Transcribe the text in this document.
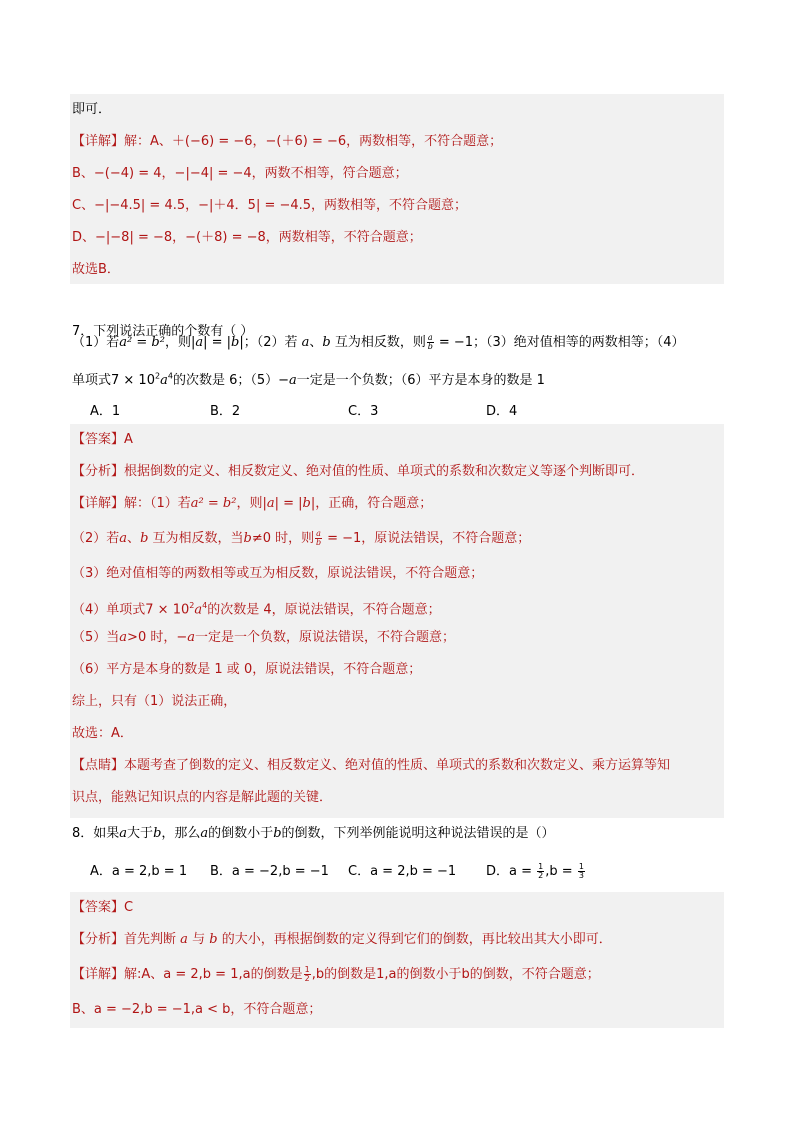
即可．
【详解】解：A、＋(−6) = −6，−(＋6) = −6，两数相等，不符合题意；
B、−(−4) = 4，−|−4| = −4，两数不相等，符合题意；
C、−|−4.5| = 4.5，−|＋4．5| = −4.5，两数相等，不符合题意；
D、−|−8| = −8，−(＋8) = −8，两数相等，不符合题意；
故选B．
7．下列说法正确的个数有（ ）
（1）若a² = b²，则|a| = |b|；（2）若 a、b 互为相反数，则 $\frac{a}{b} = -1$；（3）绝对值相等的两数相等；（4）
单项式$7 \times 10^2a^4$的次数是 6；（5）−a一定是一个负数；（6）平方是本身的数是 1
A．1	B．2	C．3	D．4
【答案】A
【分析】根据倒数的定义、相反数定义、绝对值的性质、单项式的系数和次数定义等逐个判断即可．
【详解】解：（1）若a² = b²，则|a| = |b|，正确，符合题意；
（2）若a、b 互为相反数，当b≠0 时，则 $\frac{a}{b} = -1$，原说法错误，不符合题意；
（3）绝对值相等的两数相等或互为相反数，原说法错误，不符合题意；
（4）单项式$7 \times 10^2a^4$的次数是 4，原说法错误，不符合题意；
（5）当a>0 时，−a一定是一个负数，原说法错误，不符合题意；
（6）平方是本身的数是 1 或 0，原说法错误，不符合题意；
综上，只有（1）说法正确，
故选：A．
【点睛】本题考查了倒数的定义、相反数定义、绝对值的性质、单项式的系数和次数定义、乘方运算等知
识点，能熟记知识点的内容是解此题的关键．
8．如果a大于b，那么a的倒数小于b的倒数，下列举例能说明这种说法错误的是（）
A．a = 2,b = 1 B．a = −2,b = −1 C．a = 2,b = −1 D．$a = \frac{1}{2} ,b = \frac{1}{3}$
【答案】C
【分析】首先判断 a 与 b 的大小，再根据倒数的定义得到它们的倒数，再比较出其大小即可．
【详解】解:A、a = 2,b = 1,a的倒数是 $\frac{1}{2} ,b$的倒数是1,a的倒数小于b的倒数，不符合题意；
B、a = −2,b = −1,a < b，不符合题意；
